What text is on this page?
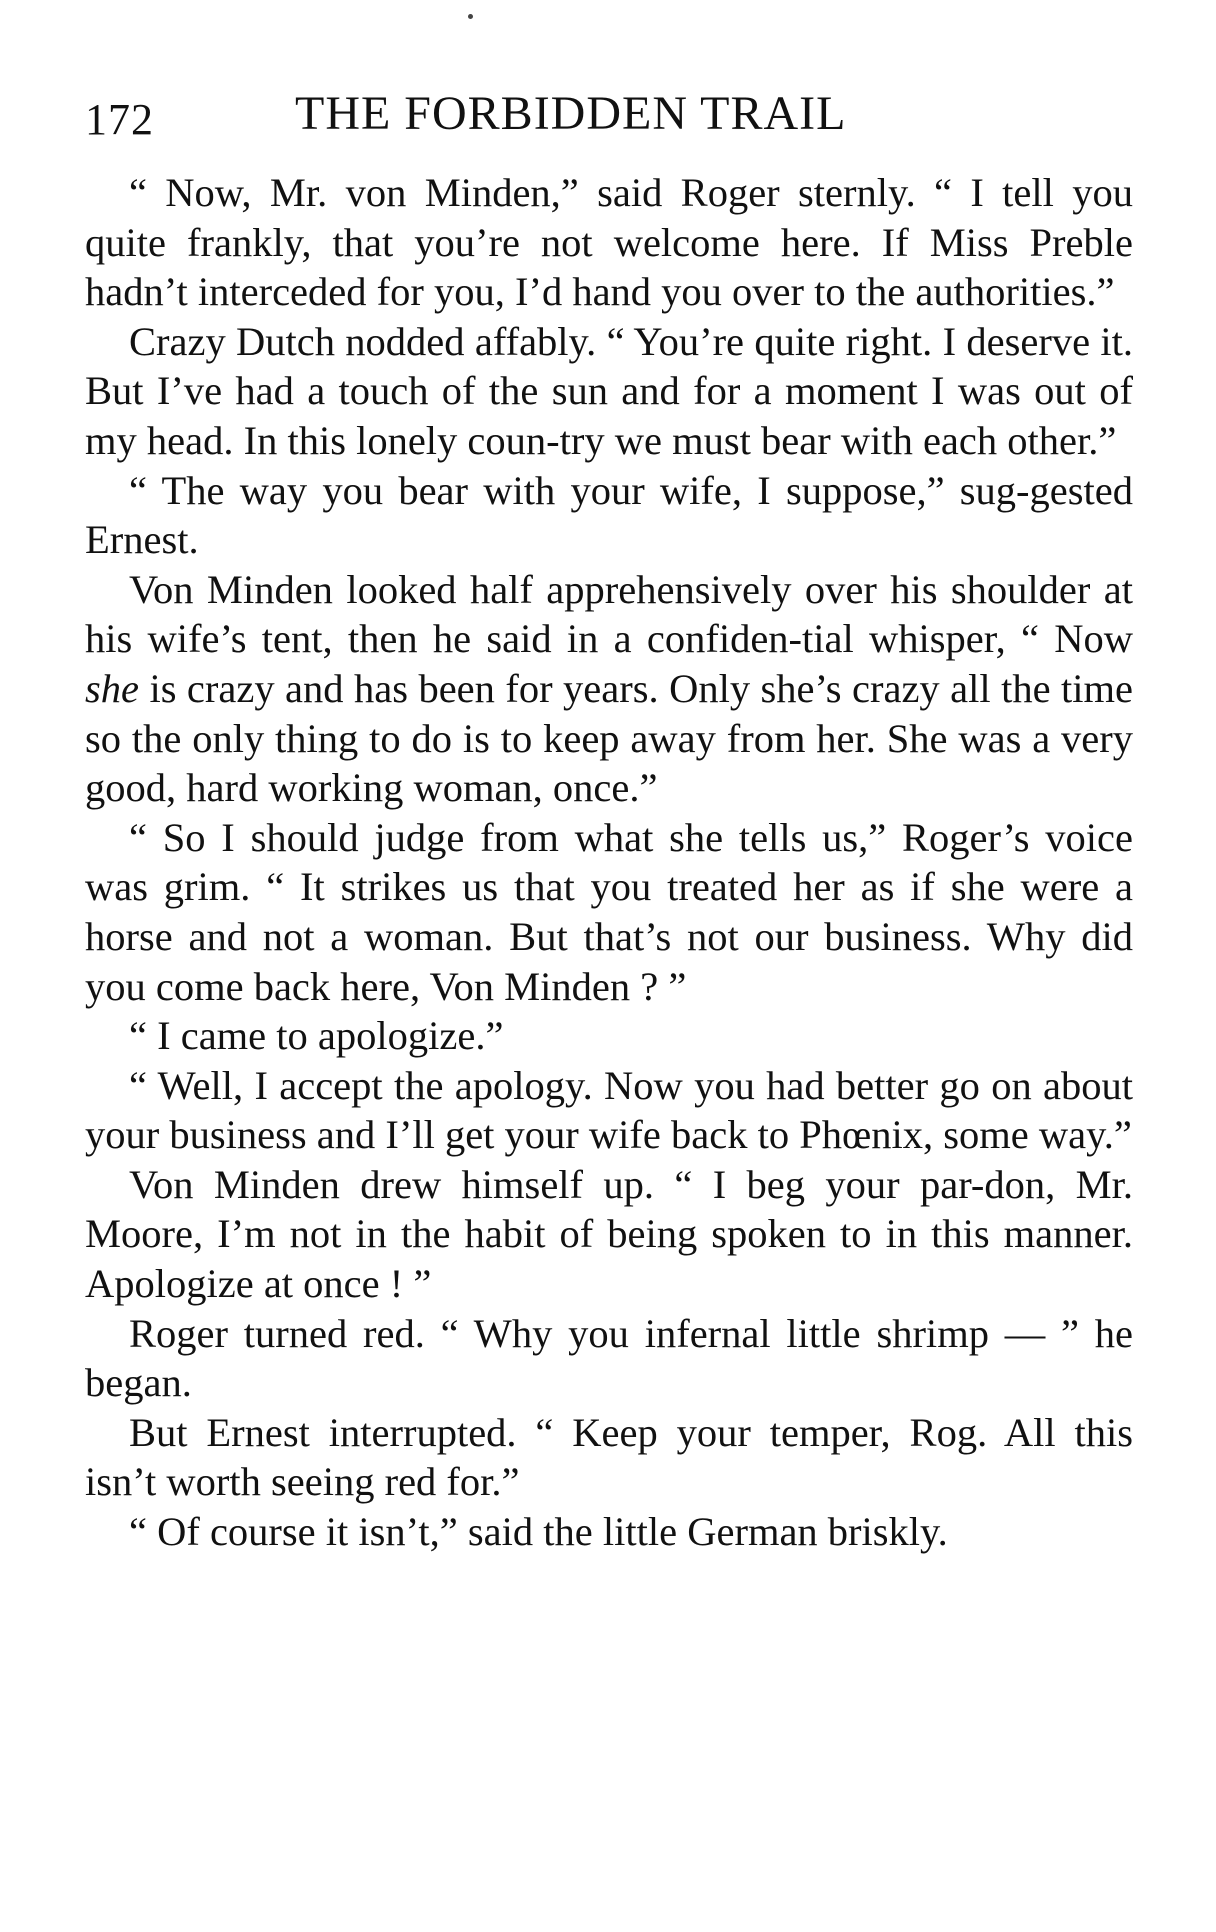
172	THE FORBIDDEN TRAIL

“ Now, Mr. von Minden,” said Roger sternly. “ I tell you quite frankly, that you’re not welcome here. If Miss Preble hadn’t interceded for you, I’d hand you over to the authorities.”

Crazy Dutch nodded affably. “ You’re quite right. I deserve it. But I’ve had a touch of the sun and for a moment I was out of my head. In this lonely coun-try we must bear with each other.”

“ The way you bear with your wife, I suppose,” sug-gested Ernest.

Von Minden looked half apprehensively over his shoulder at his wife’s tent, then he said in a confiden-tial whisper, “ Now she is crazy and has been for years. Only she’s crazy all the time so the only thing to do is to keep away from her. She was a very good, hard working woman, once.”

“ So I should judge from what she tells us,” Roger’s voice was grim. “ It strikes us that you treated her as if she were a horse and not a woman. But that’s not our business. Why did you come back here, Von Minden ? ”

“ I came to apologize.”

“ Well, I accept the apology. Now you had better go on about your business and I’ll get your wife back to Phœnix, some way.”

Von Minden drew himself up. “ I beg your par-don, Mr. Moore, I’m not in the habit of being spoken to in this manner. Apologize at once ! ”

Roger turned red. “ Why you infernal little shrimp — ” he began.

But Ernest interrupted. “ Keep your temper, Rog. All this isn’t worth seeing red for.”

“ Of course it isn’t,” said the little German briskly.
